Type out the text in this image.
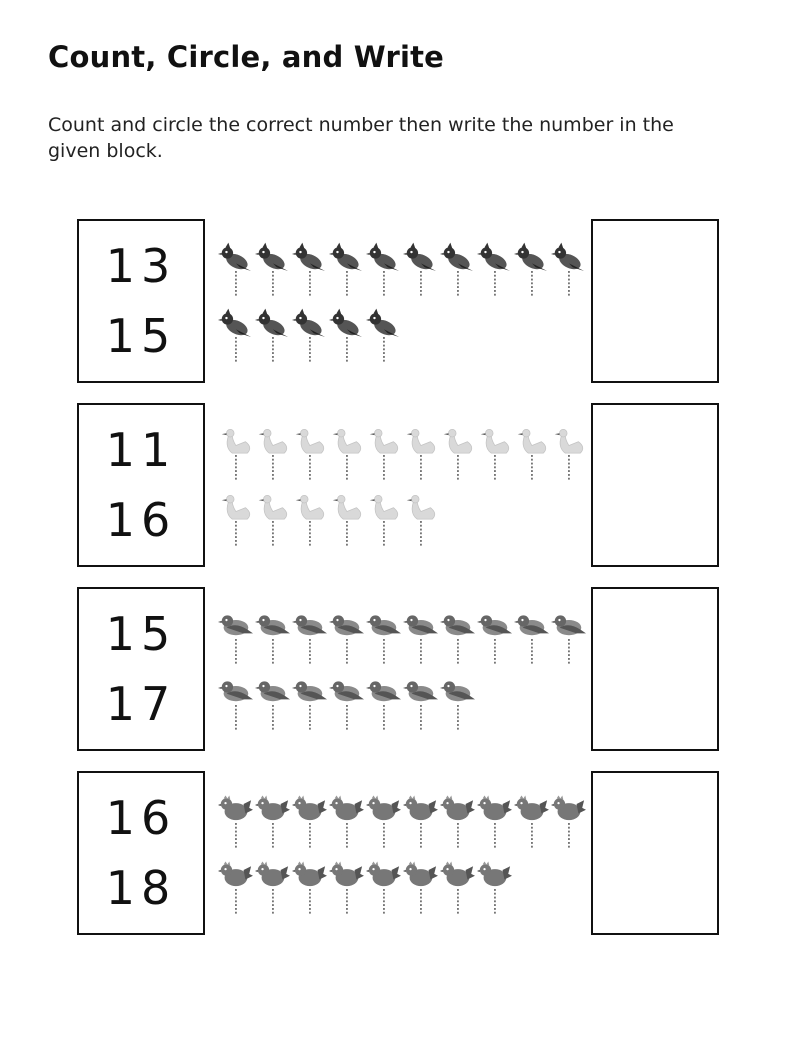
Count, Circle, and Write

Count and circle the correct number then write the number in the given block.

13
15
11
16
15
17
16
18
